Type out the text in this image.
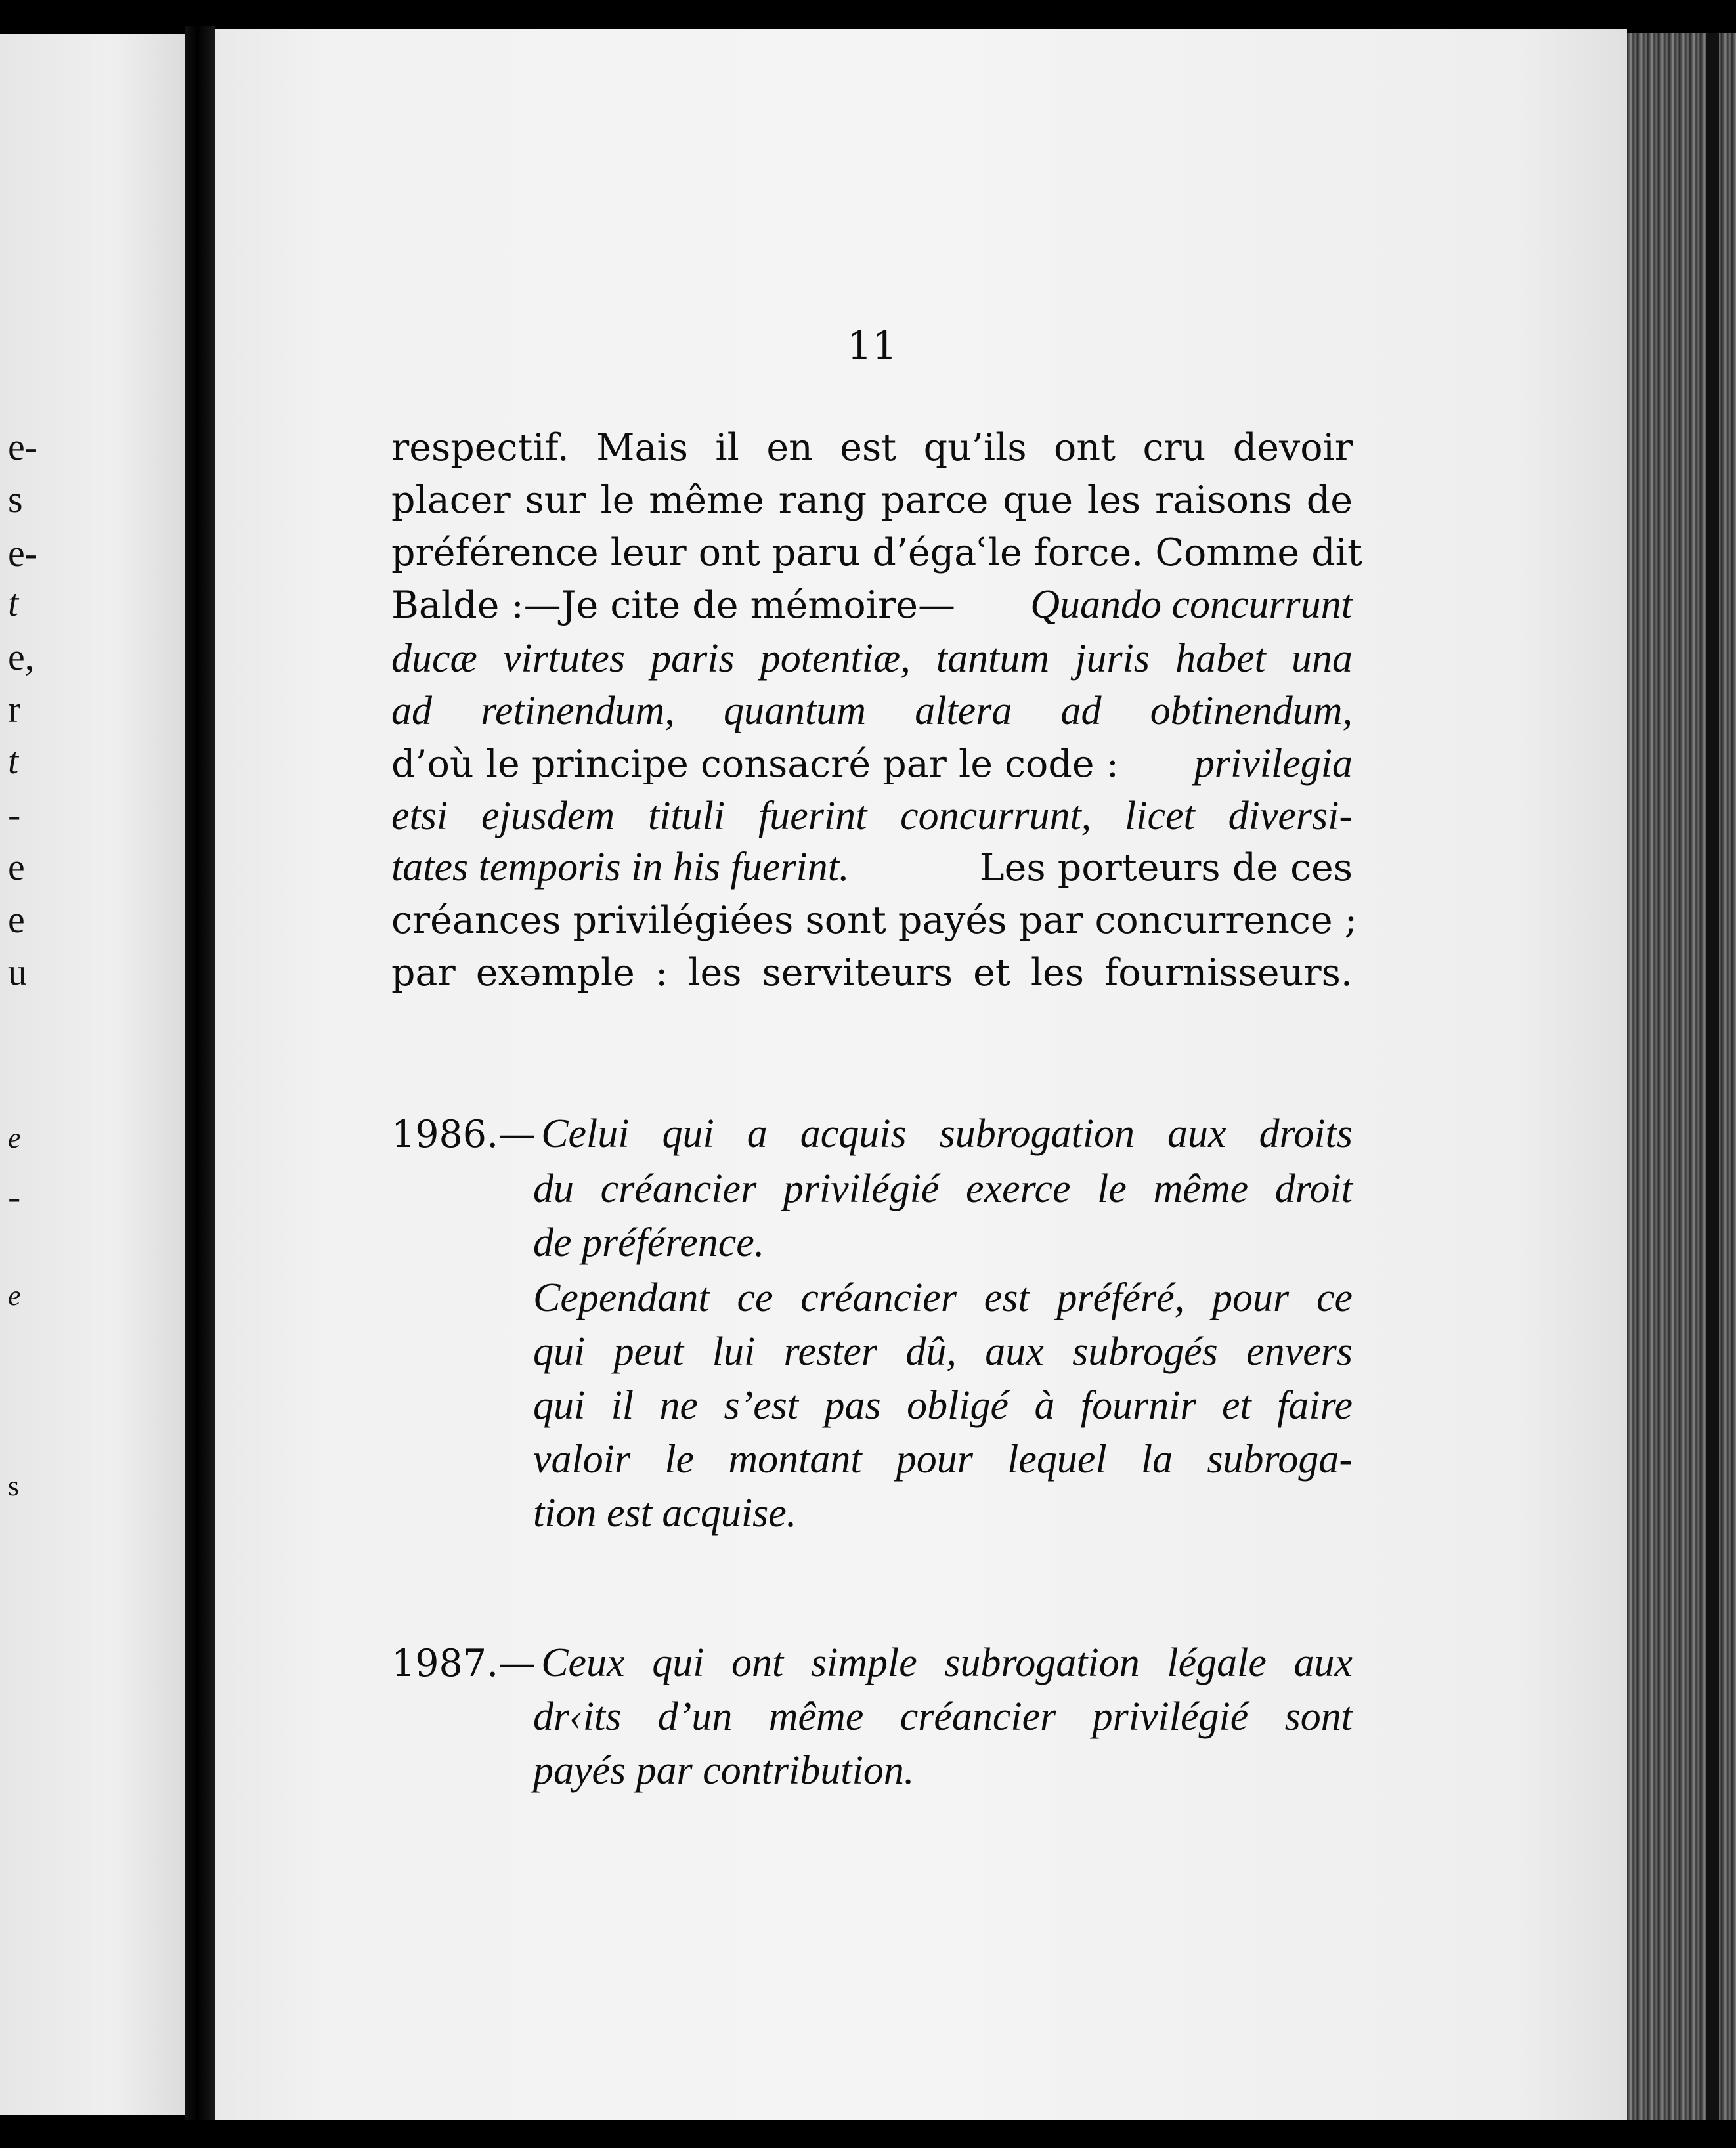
e-
s
e-
t
e,
r
t
-
e
e
u
e
-
e
s
11
respectif. Mais il en est qu’ils ont cru devoir
placer sur le même rang parce que les raisons de
préférence leur ont paru d’égaʿle force. Comme dit
Balde :—Je cite de mémoire— Quando concurrunt
ducæ virtutes paris potentiæ, tantum juris habet una
ad retinendum, quantum altera ad obtinendum,
d’où le principe consacré par le code : privilegia
etsi ejusdem tituli fuerint concurrunt, licet diversi-
tates temporis in his fuerint.	Les porteurs de ces
créances privilégiées sont payés par concurrence ;
par exəmple : les serviteurs et les fournisseurs.
1986.— Celui qui a acquis subrogation aux droits
du créancier privilégié exerce le même droit
de préférence.
Cependant ce créancier est préféré, pour ce
qui peut lui rester dû, aux subrogés envers
qui il ne s’est pas obligé à fournir et faire
valoir le montant pour lequel la subroga-
tion est acquise.
1987.— Ceux qui ont simple subrogation légale aux
dr‹its d’un même créancier privilégié sont
payés par contribution.
